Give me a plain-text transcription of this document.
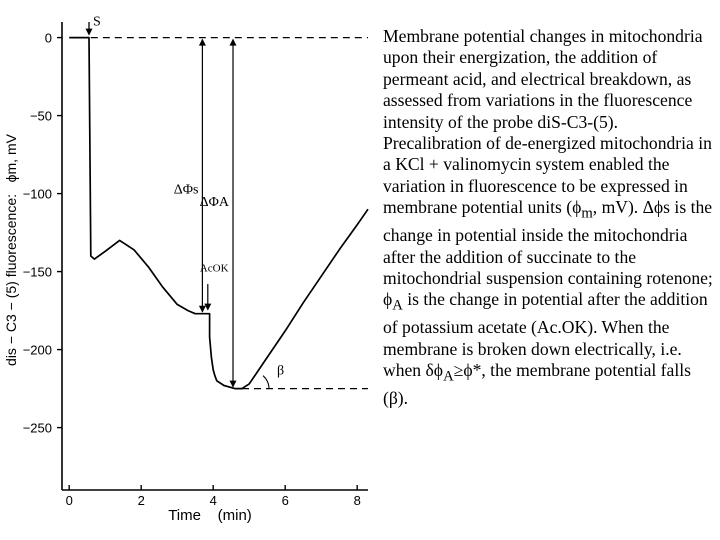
0
−50
−100
−150
−200
−250
0	2	4	6	8
S
ΔΦs
ΔΦA
AcOK
β
Time    (min)
dis − C3 − (5) fluorescence:   ϕm, mV
Membrane potential changes in mitochondria upon their energization, the addition of permeant acid, and electrical breakdown, as assessed from variations in the fluorescence intensity of the probe diS-C3-(5). Precalibration of de-energized mitochondria in a KCl + valinomycin system enabled the variation in fluorescence to be expressed in membrane potential units ($\phi_m$, mV). Δϕs is the change in potential inside the mitochondria after the addition of succinate to the mitochondrial suspension containing rotenone; $\phi_A$ is the change in potential after the addition of potassium acetate (Ac.OK). When the membrane is broken down electrically, i.e. when $\delta\phi_A\ge\phi*$, the membrane potential falls (β).
